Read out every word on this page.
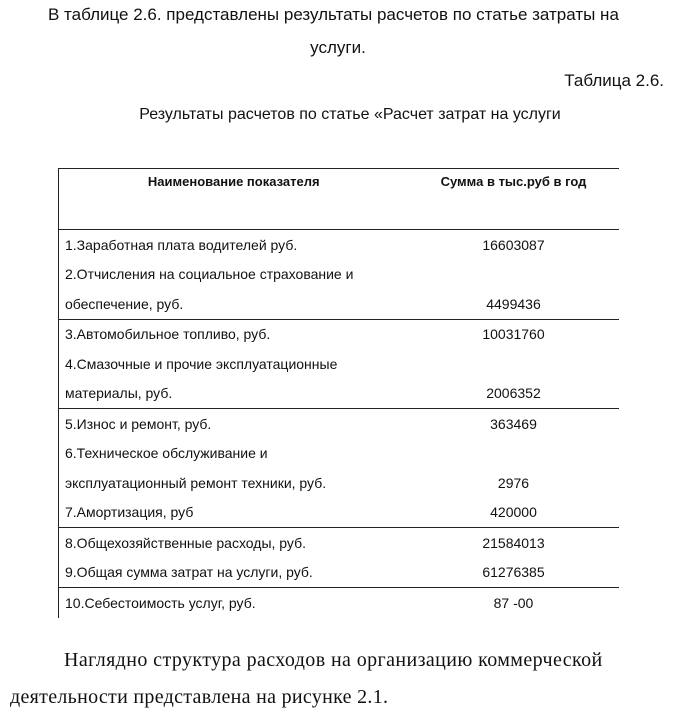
В таблице 2.6. представлены результаты расчетов по статье затраты на
услуги.
Таблица 2.6.
Результаты расчетов по статье «Расчет затрат на услуги
Наименование показателя	Сумма в тыс.руб в год
1.Заработная плата водителей руб.	16603087
2.Отчисления на социальное страхование и	
обеспечение, руб.	4499436
3.Автомобильное топливо, руб.	10031760
4.Смазочные и прочие эксплуатационные	
материалы, руб.	2006352
5.Износ и ремонт, руб.	363469
6.Техническое обслуживание и	
эксплуатационный ремонт техники, руб.	2976
7.Амортизация, руб	420000
8.Общехозяйственные расходы, руб.	21584013
9.Общая сумма затрат на услуги, руб.	61276385
10.Себестоимость услуг, руб.	87 -00
Наглядно структура расходов на организацию коммерческой
деятельности представлена на рисунке 2.1.
